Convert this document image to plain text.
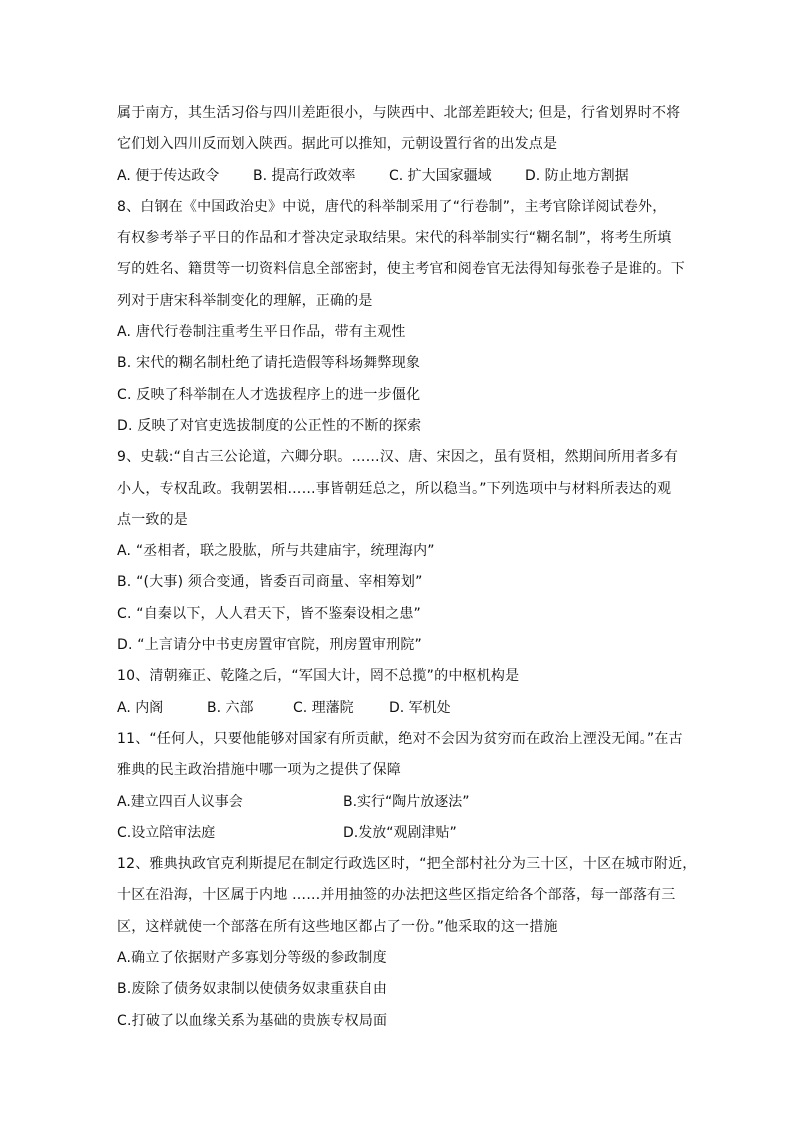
属于南方，其生活习俗与四川差距很小，与陕西中、北部差距较大; 但是，行省划界时不将
它们划入四川反而划入陕西。据此可以推知，元朝设置行省的出发点是
A. 便于传达政令	B. 提高行政效率	C. 扩大国家疆域	D. 防止地方割据
8、白钢在《中国政治史》中说，唐代的科举制采用了“行卷制”，主考官除详阅试卷外，
有权参考举子平日的作品和才誉决定录取结果。宋代的科举制实行“糊名制”，将考生所填
写的姓名、籍贯等一切资料信息全部密封，使主考官和阅卷官无法得知每张卷子是谁的。下
列对于唐宋科举制变化的理解，正确的是
A. 唐代行卷制注重考生平日作品，带有主观性
B. 宋代的糊名制杜绝了请托造假等科场舞弊现象
C. 反映了科举制在人才选拔程序上的进一步僵化
D. 反映了对官吏选拔制度的公正性的不断的探索
9、史载:“自古三公论道，六卿分职。……汉、唐、宋因之，虽有贤相，然期间所用者多有
小人，专权乱政。我朝罢相……事皆朝廷总之，所以稳当。”下列选项中与材料所表达的观
点一致的是
A. “丞相者，联之股肱，所与共建庙宇，统理海内”
B. “(大事) 须合变通，皆委百司商量、宰相筹划”
C. “自秦以下，人人君天下，皆不鉴秦设相之患”
D. “上言请分中书吏房置审官院，刑房置审刑院”
10、清朝雍正、乾隆之后，“军国大计，罔不总揽”的中枢机构是
A. 内阁	B. 六部	C. 理藩院	D. 军机处
11、“任何人，只要他能够对国家有所贡献，绝对不会因为贫穷而在政治上湮没无闻。”在古
雅典的民主政治措施中哪一项为之提供了保障
A.建立四百人议事会	B.实行“陶片放逐法”
C.设立陪审法庭	D.发放“观剧津贴”
12、雅典执政官克利斯提尼在制定行政选区时，“把全部村社分为三十区，十区在城市附近，
十区在沿海，十区属于内地 ……并用抽签的办法把这些区指定给各个部落，每一部落有三
区，这样就使一个部落在所有这些地区都占了一份。”他采取的这一措施
A.确立了依据财产多寡划分等级的参政制度
B.废除了债务奴隶制以使债务奴隶重获自由
C.打破了以血缘关系为基础的贵族专权局面
